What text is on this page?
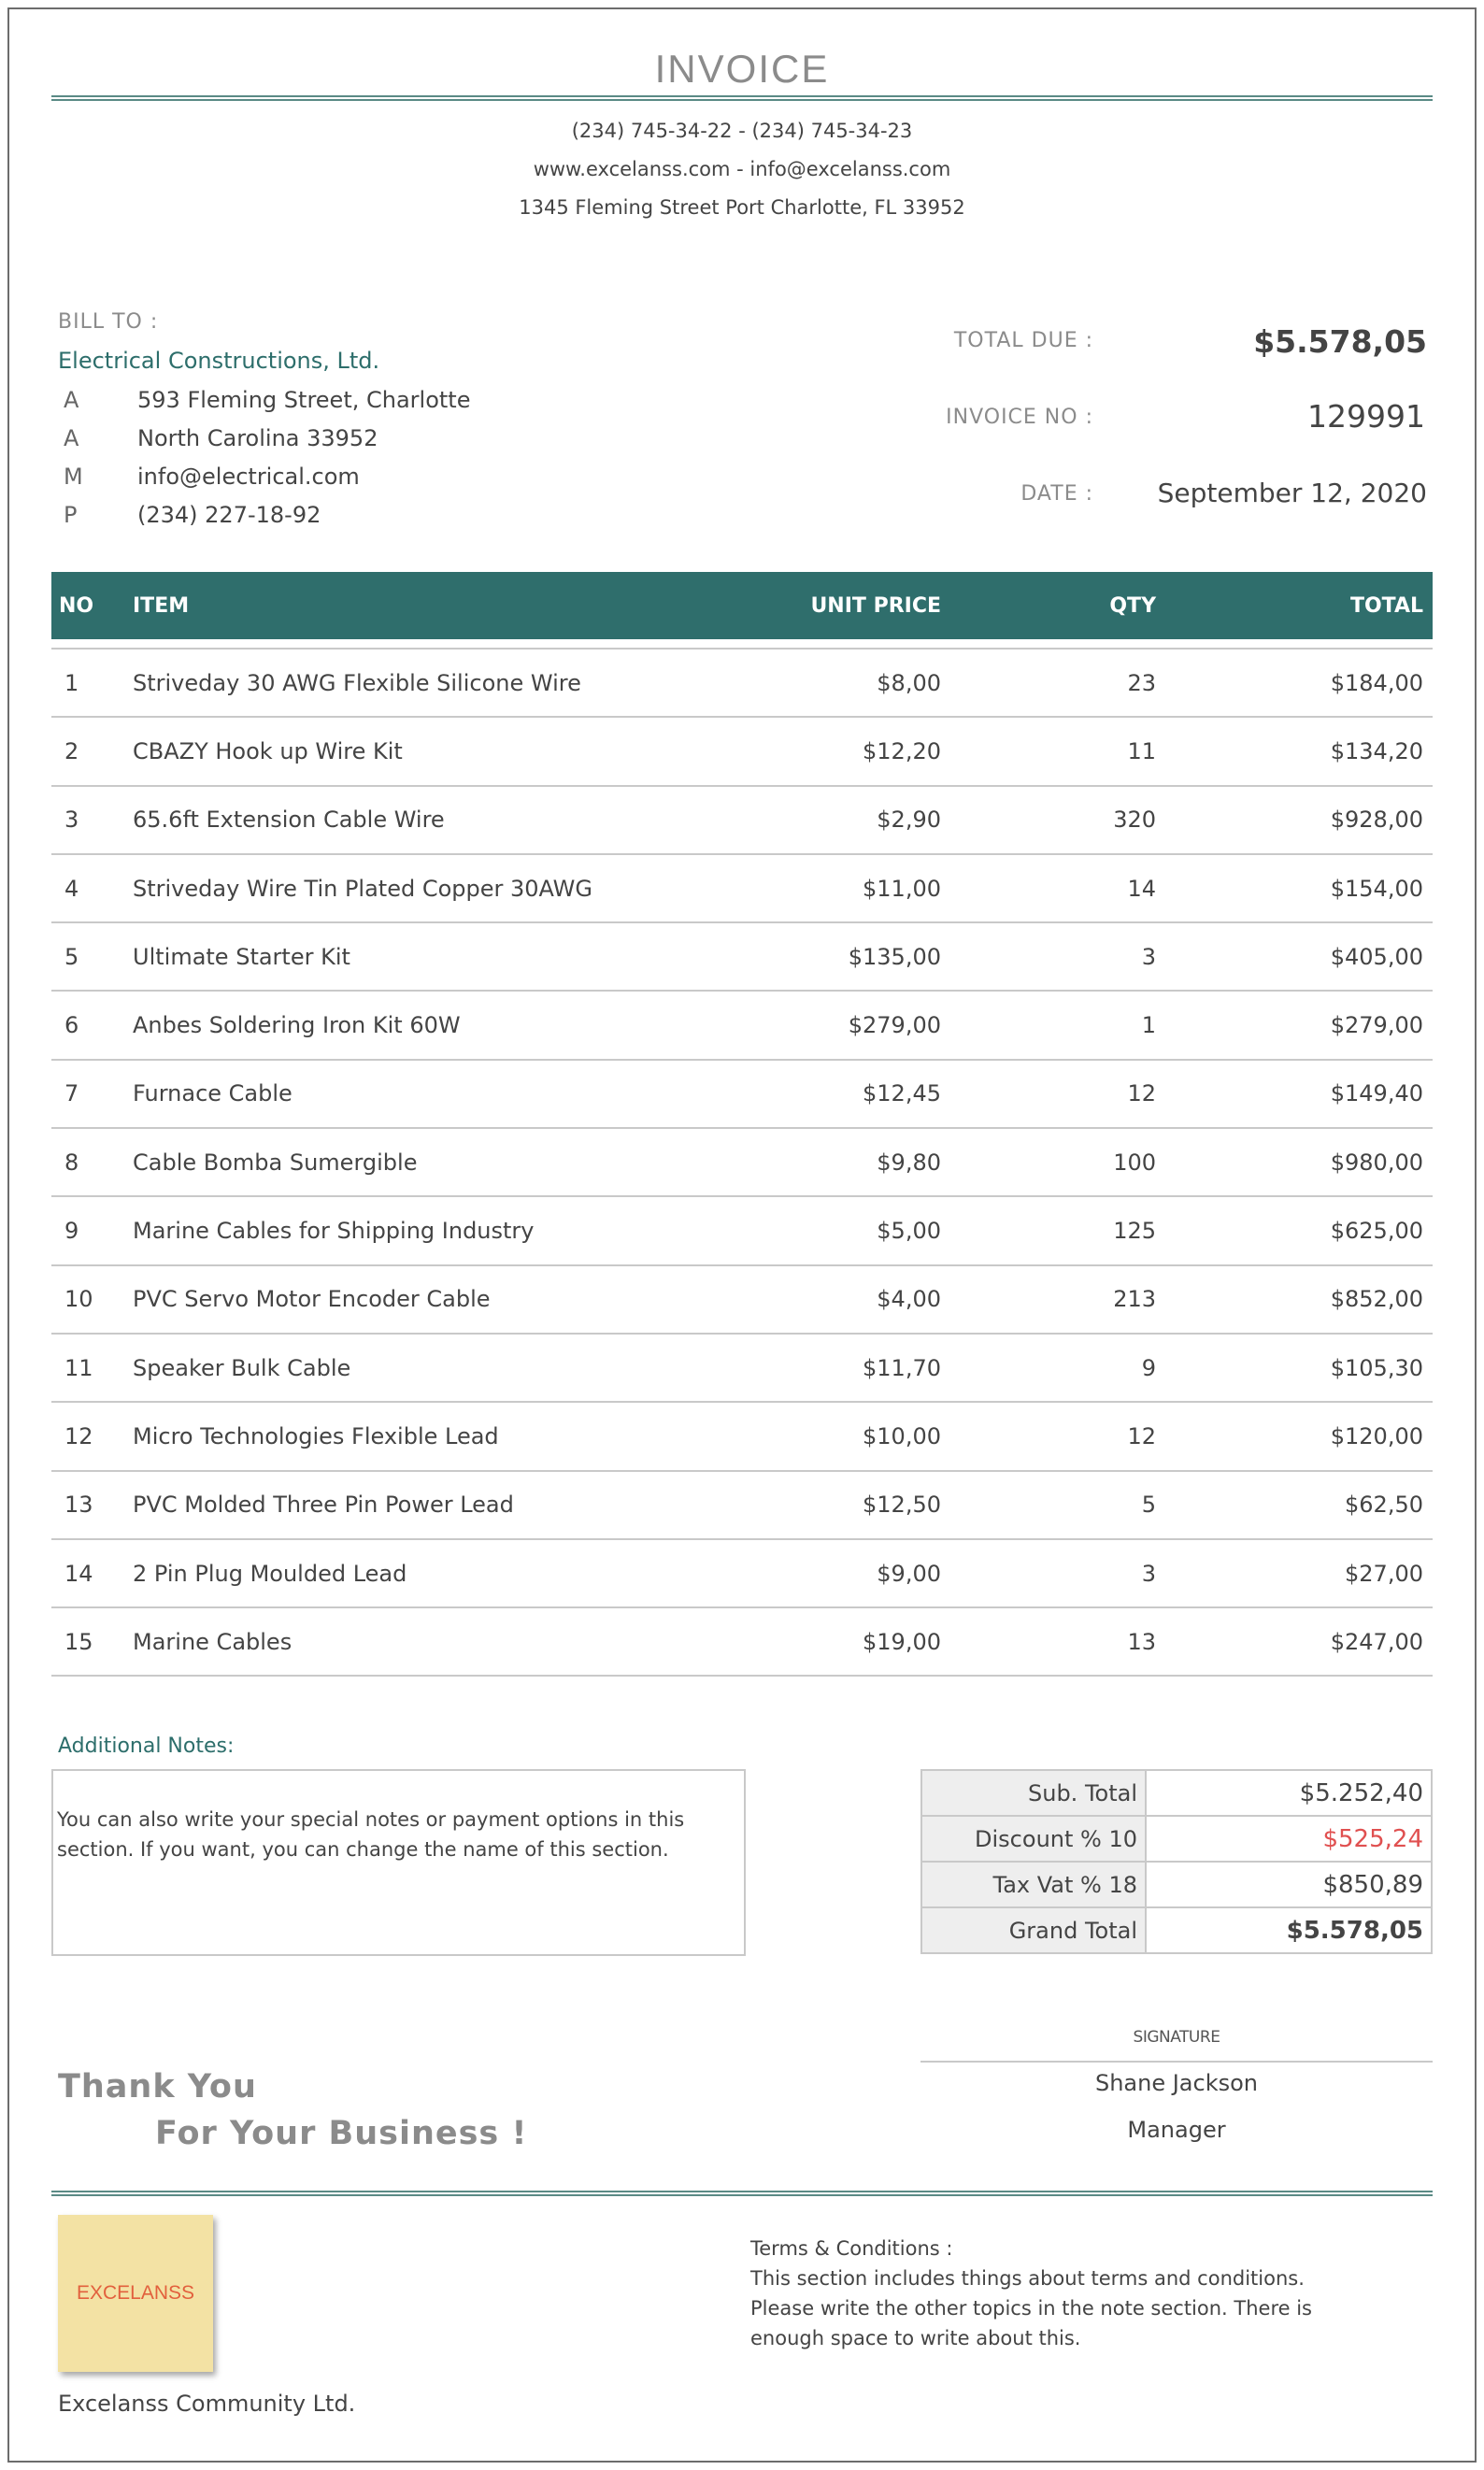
INVOICE
(234) 745-34-22 - (234) 745-34-23
www.excelanss.com - info@excelanss.com
1345 Fleming Street Port Charlotte, FL 33952
BILL TO :
Electrical Constructions, Ltd.
A	593 Fleming Street, Charlotte
A	North Carolina 33952
M info@electrical.com
P	(234) 227-18-92
TOTAL DUE :	$5.578,05
INVOICE NO :	129991
DATE :	September 12, 2020
NO	ITEM	UNIT PRICE	QTY	TOTAL

1	Striveday 30 AWG Flexible Silicone Wire	$8,00	23	$184,00
2	CBAZY Hook up Wire Kit	$12,20	11	$134,20
3	65.6ft Extension Cable Wire	$2,90	320	$928,00
4	Striveday Wire Tin Plated Copper 30AWG	$11,00	14	$154,00
5	Ultimate Starter Kit	$135,00	3	$405,00
6	Anbes Soldering Iron Kit 60W	$279,00	1	$279,00
7	Furnace Cable	$12,45	12	$149,40
8	Cable Bomba Sumergible	$9,80	100	$980,00
9	Marine Cables for Shipping Industry	$5,00	125	$625,00
10	PVC Servo Motor Encoder Cable	$4,00	213	$852,00
11	Speaker Bulk Cable	$11,70	9	$105,30
12	Micro Technologies Flexible Lead	$10,00	12	$120,00
13	PVC Molded Three Pin Power Lead	$12,50	5	$62,50
14	2 Pin Plug Moulded Lead	$9,00	3	$27,00
15	Marine Cables	$19,00	13	$247,00
Additional Notes:
You can also write your special notes or payment options in this section. If you want, you can change the name of this section.
Sub. Total	$5.252,40
Discount % 10	$525,24
Tax Vat % 18	$850,89
Grand Total	$5.578,05
SIGNATURE
Shane Jackson
Manager
Thank You
For Your Business !
EXCELANSS
Excelanss Community Ltd.
Terms & Conditions :
This section includes things about terms and conditions.
Please write the other topics in the note section. There is
enough space to write about this.
